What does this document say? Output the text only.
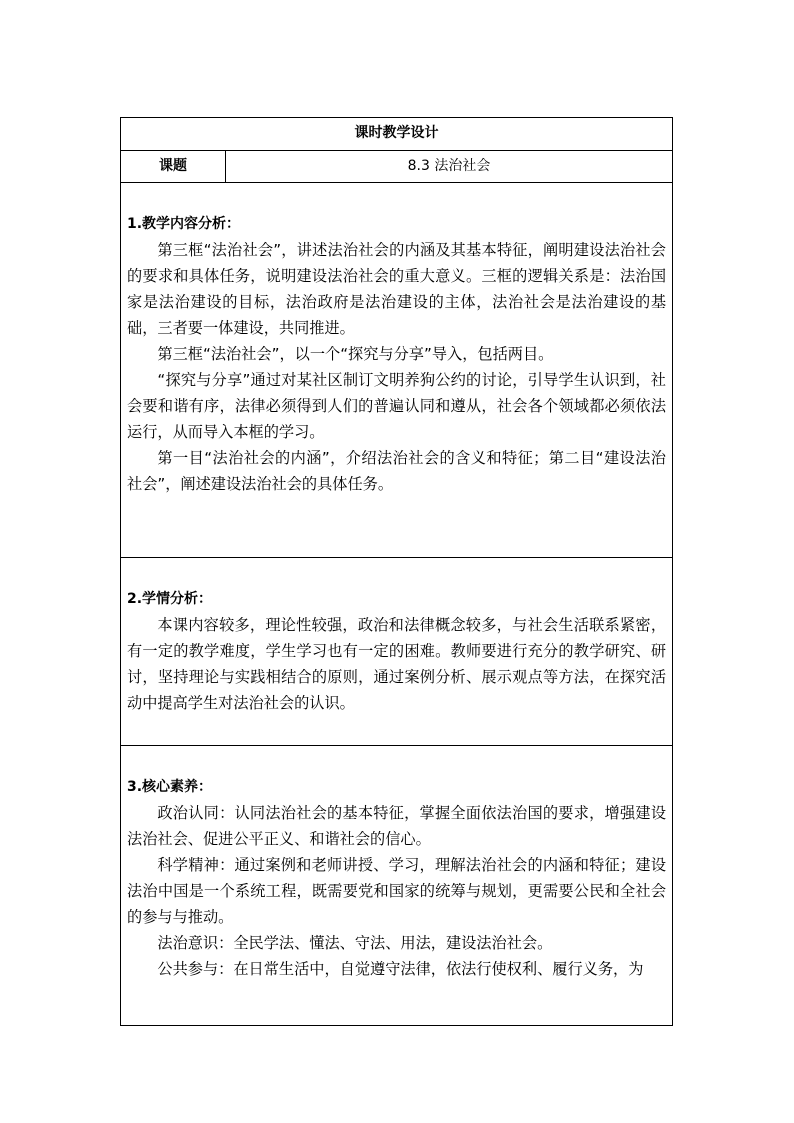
课时教学设计
课题	8.3 法治社会

1.教学内容分析：

第三框“法治社会”，讲述法治社会的内涵及其基本特征，阐明建设法治社会的要求和具体任务，说明建设法治社会的重大意义。三框的逻辑关系是：法治国家是法治建设的目标，法治政府是法治建设的主体，法治社会是法治建设的基础，三者要一体建设，共同推进。

第三框“法治社会”，以一个“探究与分享”导入，包括两目。

“探究与分享”通过对某社区制订文明养狗公约的讨论，引导学生认识到，社会要和谐有序，法律必须得到人们的普遍认同和遵从，社会各个领域都必须依法运行，从而导入本框的学习。

第一目“法治社会的内涵”，介绍法治社会的含义和特征；第二目“建设法治社会”，阐述建设法治社会的具体任务。

2.学情分析：

本课内容较多，理论性较强，政治和法律概念较多，与社会生活联系紧密，有一定的教学难度，学生学习也有一定的困难。教师要进行充分的教学研究、研讨，坚持理论与实践相结合的原则，通过案例分析、展示观点等方法，在探究活动中提高学生对法治社会的认识。

3.核心素养：

政治认同：认同法治社会的基本特征，掌握全面依法治国的要求，增强建设法治社会、促进公平正义、和谐社会的信心。

科学精神：通过案例和老师讲授、学习，理解法治社会的内涵和特征；建设法治中国是一个系统工程，既需要党和国家的统筹与规划，更需要公民和全社会的参与与推动。

法治意识：全民学法、懂法、守法、用法，建设法治社会。

公共参与：在日常生活中，自觉遵守法律，依法行使权利、履行义务，为
